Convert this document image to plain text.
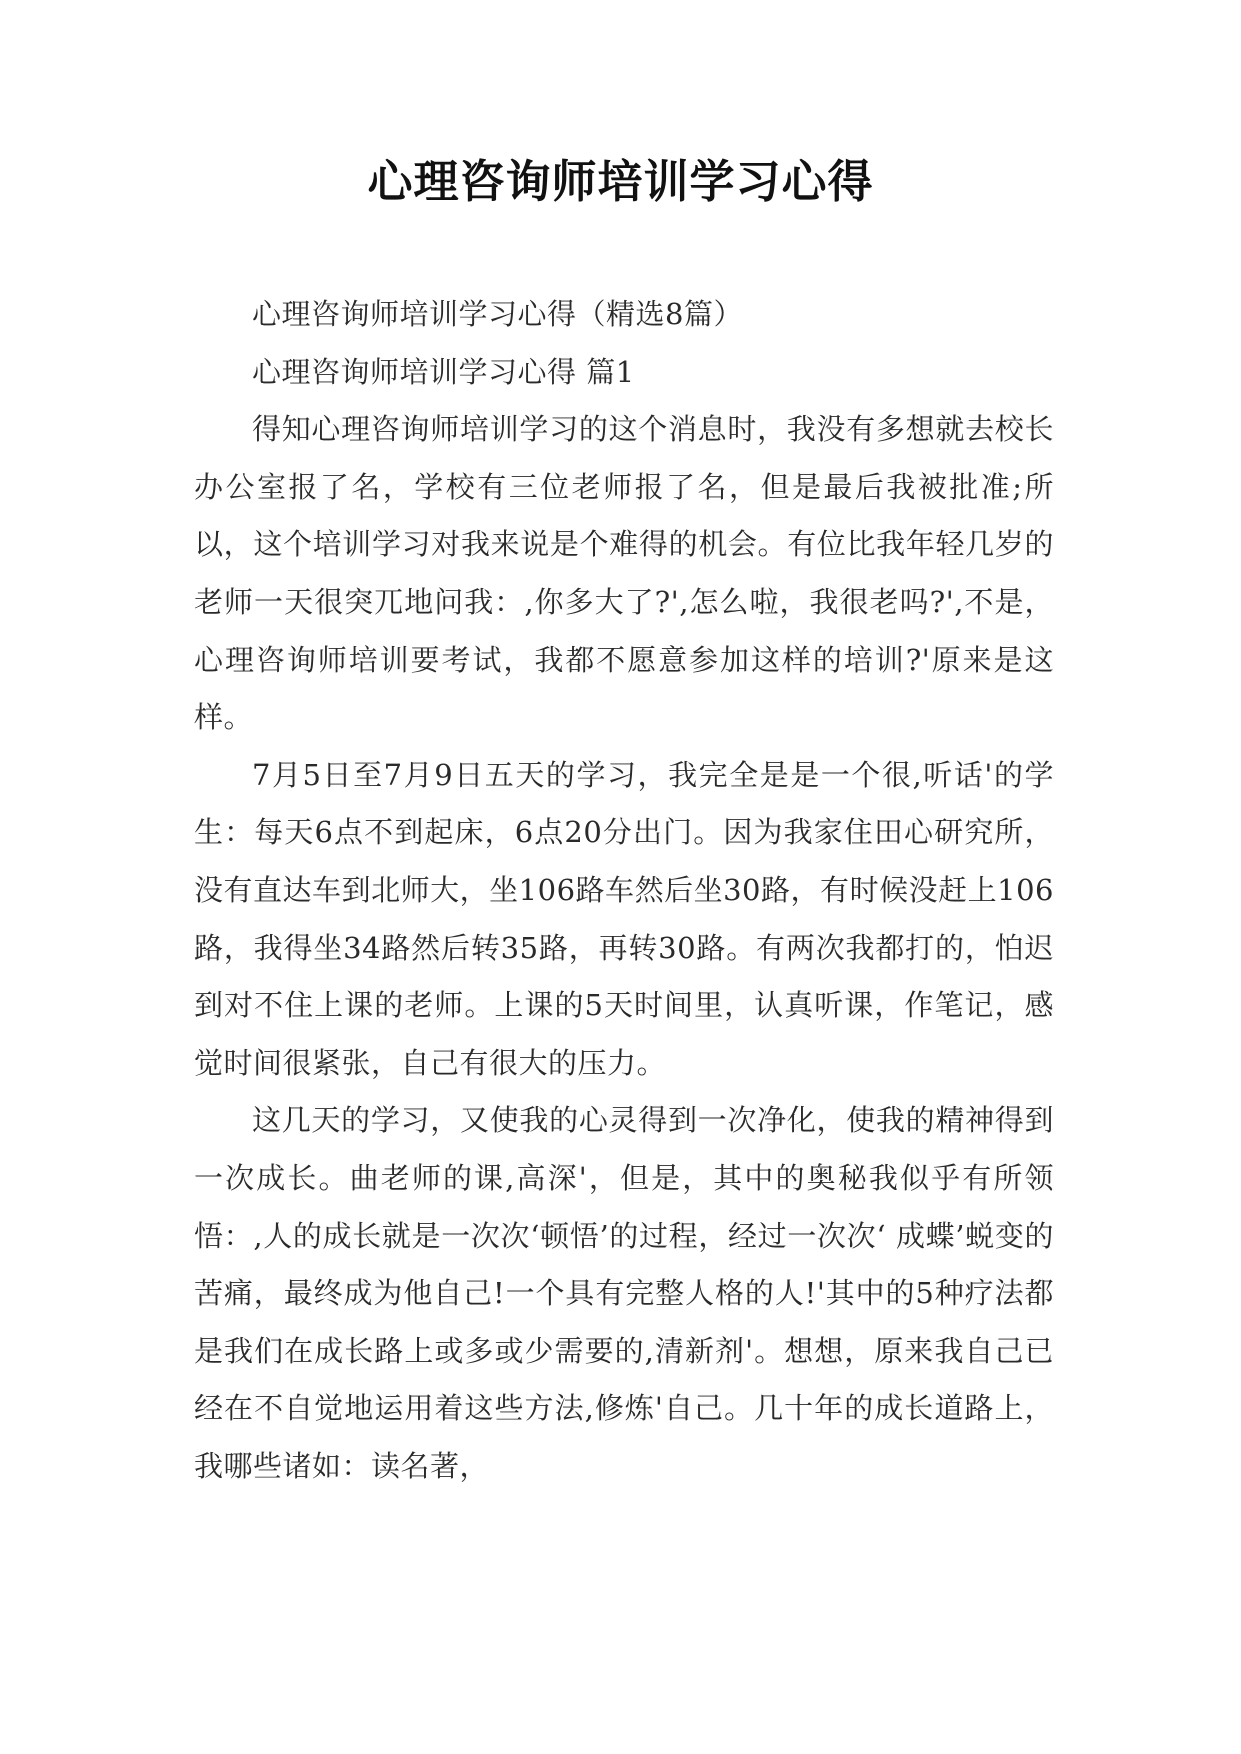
心理咨询师培训学习心得

心理咨询师培训学习心得（精选8篇）

心理咨询师培训学习心得 篇1

得知心理咨询师培训学习的这个消息时，我没有多想就去校长办公室报了名，学校有三位老师报了名，但是最后我被批准;所以，这个培训学习对我来说是个难得的机会。有位比我年轻几岁的老师一天很突兀地问我：,你多大了?',怎么啦，我很老吗?',不是，心理咨询师培训要考试，我都不愿意参加这样的培训?'原来是这样。

7月5日至7月9日五天的学习，我完全是是一个很,听话'的学生：每天6点不到起床，6点20分出门。因为我家住田心研究所，没有直达车到北师大，坐106路车然后坐30路，有时候没赶上106路，我得坐34路然后转35路，再转30路。有两次我都打的，怕迟到对不住上课的老师。上课的5天时间里，认真听课，作笔记，感觉时间很紧张，自己有很大的压力。

这几天的学习，又使我的心灵得到一次净化，使我的精神得到一次成长。曲老师的课,高深'，但是，其中的奥秘我似乎有所领悟：,人的成长就是一次次‘顿悟’的过程，经过一次次‘ 成蝶’蜕变的苦痛，最终成为他自己!一个具有完整人格的人!'其中的5种疗法都是我们在成长路上或多或少需要的,清新剂'。想想，原来我自己已经在不自觉地运用着这些方法,修炼'自己。几十年的成长道路上，我哪些诸如：读名著，
